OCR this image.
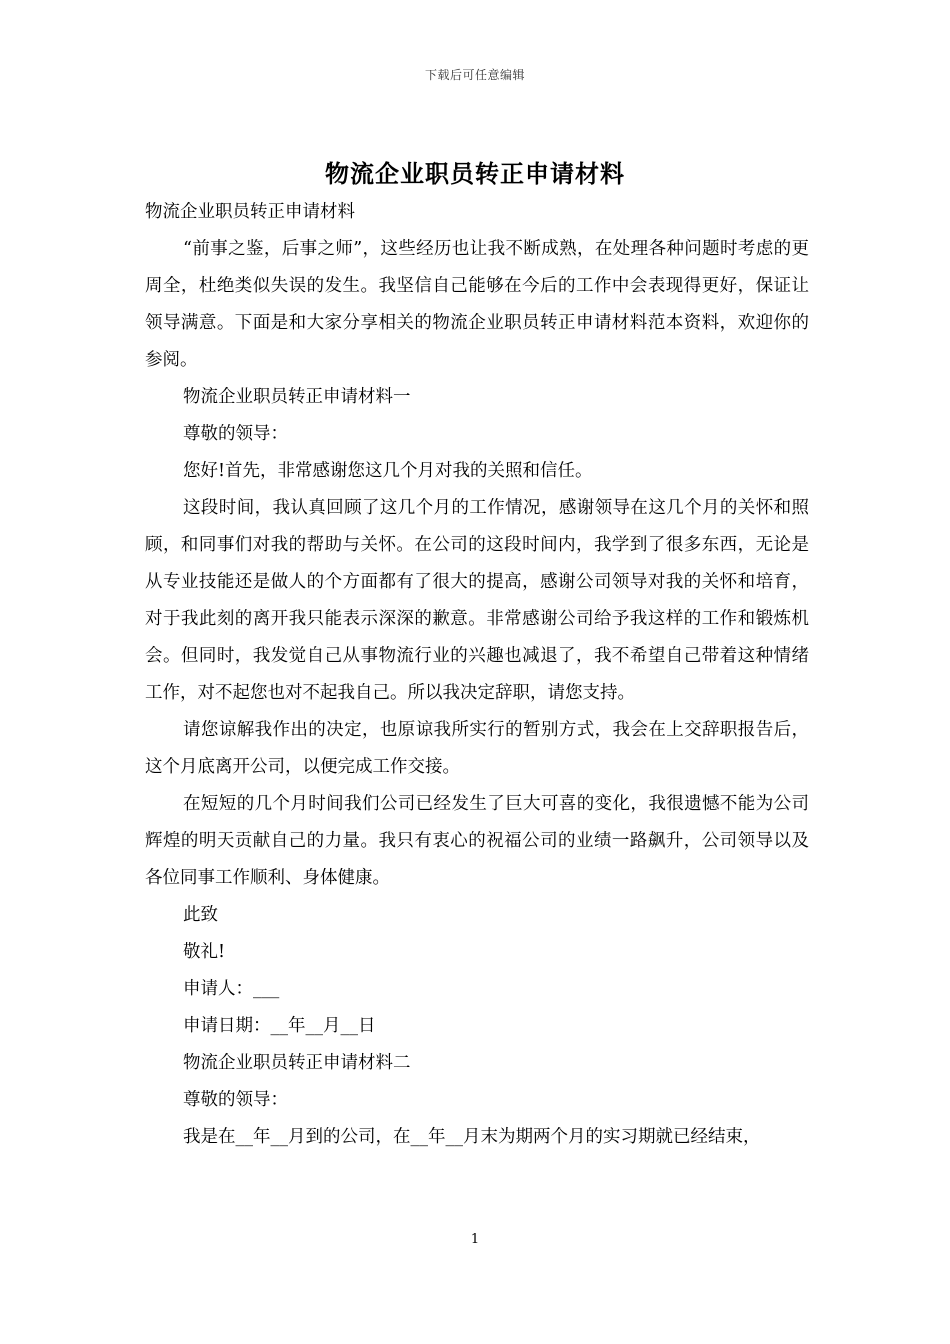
下载后可任意编辑
物流企业职员转正申请材料

物流企业职员转正申请材料

“前事之鉴，后事之师”，这些经历也让我不断成熟，在处理各种问题时考虑的更周全，杜绝类似失误的发生。我坚信自己能够在今后的工作中会表现得更好，保证让领导满意。下面是和大家分享相关的物流企业职员转正申请材料范本资料，欢迎你的参阅。

物流企业职员转正申请材料一

尊敬的领导：

您好!首先，非常感谢您这几个月对我的关照和信任。

这段时间，我认真回顾了这几个月的工作情况，感谢领导在这几个月的关怀和照顾，和同事们对我的帮助与关怀。在公司的这段时间内，我学到了很多东西，无论是从专业技能还是做人的个方面都有了很大的提高，感谢公司领导对我的关怀和培育，对于我此刻的离开我只能表示深深的歉意。非常感谢公司给予我这样的工作和锻炼机会。但同时，我发觉自己从事物流行业的兴趣也减退了，我不希望自己带着这种情绪工作，对不起您也对不起我自己。所以我决定辞职，请您支持。

请您谅解我作出的决定，也原谅我所实行的暂别方式，我会在上交辞职报告后，这个月底离开公司，以便完成工作交接。

在短短的几个月时间我们公司已经发生了巨大可喜的变化，我很遗憾不能为公司辉煌的明天贡献自己的力量。我只有衷心的祝福公司的业绩一路飙升，公司领导以及各位同事工作顺利、身体健康。

此致

敬礼!

申请人：___

申请日期：__年__月__日

物流企业职员转正申请材料二

尊敬的领导：

我是在__年__月到的公司，在__年__月末为期两个月的实习期就已经结束，

1
